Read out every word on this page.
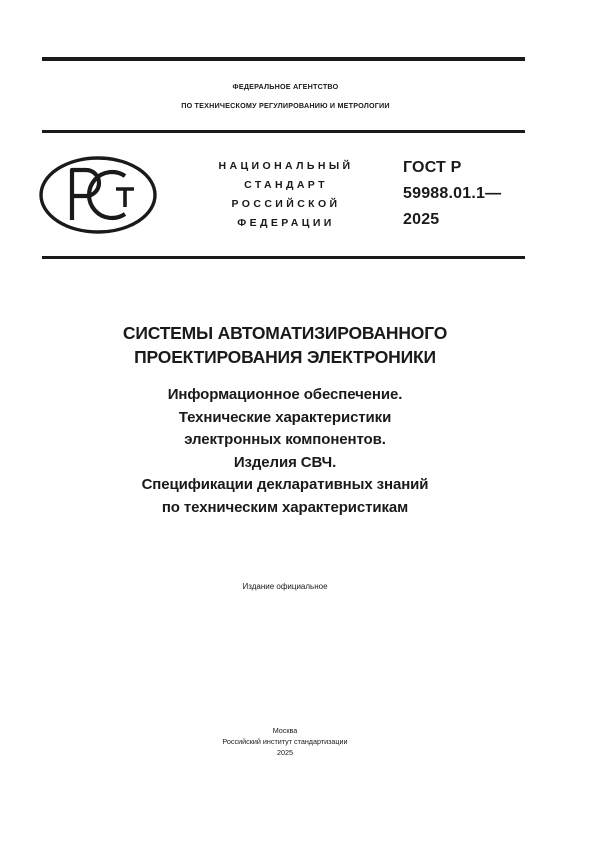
ФЕДЕРАЛЬНОЕ АГЕНТСТВО
ПО ТЕХНИЧЕСКОМУ РЕГУЛИРОВАНИЮ И МЕТРОЛОГИИ
НАЦИОНАЛЬНЫЙ
СТАНДАРТ
РОССИЙСКОЙ
ФЕДЕРАЦИИ
ГОСТ Р
59988.01.1—
2025
СИСТЕМЫ АВТОМАТИЗИРОВАННОГО
ПРОЕКТИРОВАНИЯ ЭЛЕКТРОНИКИ
Информационное обеспечение.
Технические характеристики
электронных компонентов.
Изделия СВЧ.
Спецификации декларативных знаний
по техническим характеристикам
Издание официальное
Москва
Российский институт стандартизации
2025
